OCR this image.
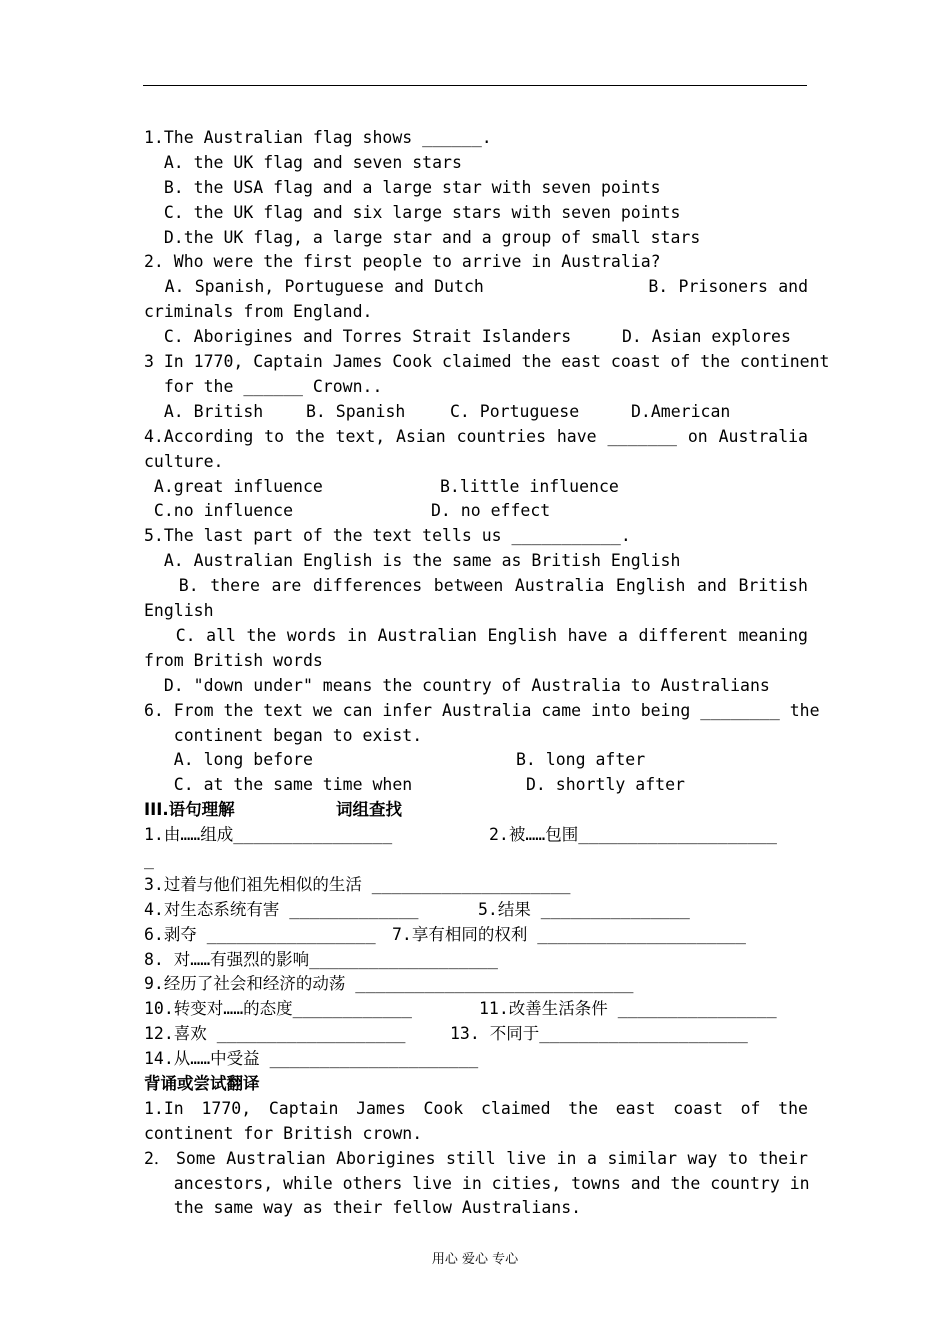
1.The Australian flag shows ______.
A. the UK flag and seven stars
B. the USA flag and a large star with seven points
C. the UK flag and six large stars with seven points
D.the UK flag, a large star and a group of small stars
2. Who were the first people to arrive in Australia?
A. Spanish, Portuguese and Dutch                B. Prisoners and criminals from England.

C. Aborigines and Torres Strait Islanders

	D. Asian explores

3 In 1770, Captain James Cook claimed the east coast of the continent
for the ______ Crown..

A. British

	B. Spanish

	C. Portuguese

	D.American

4.According to the text, Asian countries have _______ on Australia culture.

A.great influence

	B.little influence

C.no influence

	D. no effect

5.The last part of the text tells us ___________.
A. Australian English is the same as British English
B. there are differences between Australia English and British English
C. all the words in Australian English have a different meaning from British words
D. "down under" means the country of Australia to Australians
6. From the text we can infer Australia came into being ________ the
continent began to exist.

A. long before

	B. long after

C. at the same time when

	D. shortly after

III.语句理解

	词组查找

1.由……组成________________

	2.被……包围____________________

_
3.过着与他们祖先相似的生活 ____________________

4.对生态系统有害 _____________

	5.结果 _______________

6.剥夺 _________________

7.享有相同的权利 _____________________

8. 对……有强烈的影响___________________
9.经历了社会和经济的动荡 ____________________________

10.转变对……的态度____________

	11.改善生活条件 ________________

12.喜欢 ___________________

	13. 不同于_____________________

14.从……中受益 _____________________
背诵或尝试翻译
1.In 1770, Captain James Cook claimed the east coast of the continent for British crown.

2．

Some Australian Aborigines still live in a similar way to their

ancestors, while others live in cities, towns and the country in
the same way as their fellow Australians.
用心 爱心 专心
